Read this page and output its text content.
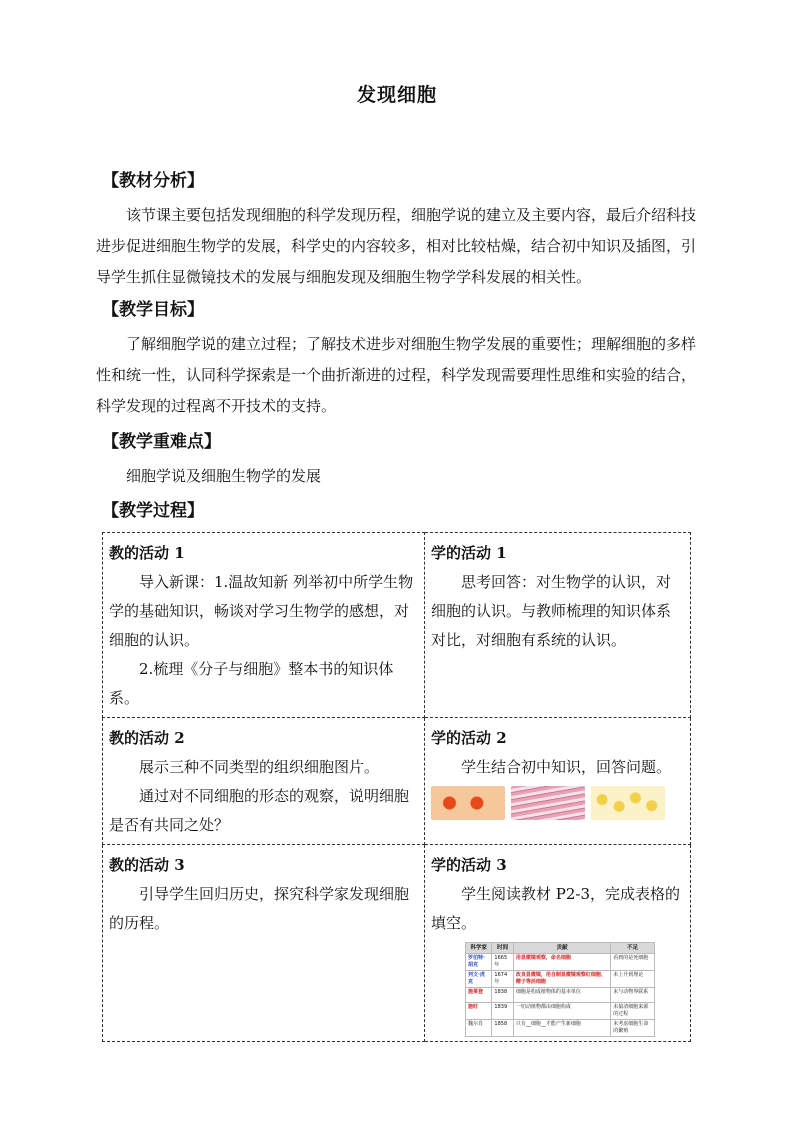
发现细胞
【教材分析】
该节课主要包括发现细胞的科学发现历程，细胞学说的建立及主要内容，最后介绍科技进步促进细胞生物学的发展，科学史的内容较多，相对比较枯燥，结合初中知识及插图，引导学生抓住显微镜技术的发展与细胞发现及细胞生物学学科发展的相关性。
【教学目标】
了解细胞学说的建立过程；了解技术进步对细胞生物学发展的重要性；理解细胞的多样性和统一性，认同科学探索是一个曲折渐进的过程，科学发现需要理性思维和实验的结合，科学发现的过程离不开技术的支持。
【教学重难点】
细胞学说及细胞生物学的发展
【教学过程】
教的活动 1
导入新课：1.温故知新 列举初中所学生物学的基础知识，畅谈对学习生物学的感想，对细胞的认识。
2.梳理《分子与细胞》整本书的知识体系。

学的活动 1
思考回答：对生物学的认识，对细胞的认识。与教师梳理的知识体系对比，对细胞有系统的认识。

教的活动 2
展示三种不同类型的组织细胞图片。
通过对不同细胞的形态的观察，说明细胞是否有共同之处？

学的活动 2
学生结合初中知识，回答问题。

教的活动 3
引导学生回归历史，探究科学家发现细胞的历程。

学的活动 3
学生阅读教材 P2-3，完成表格的填空。
科学家	时间	贡献	不足
罗伯特·胡克	1665年	用显微镜观察，命名细胞	看到的是死细胞
列文·虎克	1674年	改良显微镜，用自制显微镜观察红细胞、精子等活细胞	未上升到理论
施莱登	1838	细胞是构成植物体的基本单位	未与动物界联系
施旺	1839	一切动植物都由细胞构成	未搞清细胞来源的过程
魏尔肖	1858	只有__细胞__才能产生新细胞	未考虑细胞生命的繁殖
